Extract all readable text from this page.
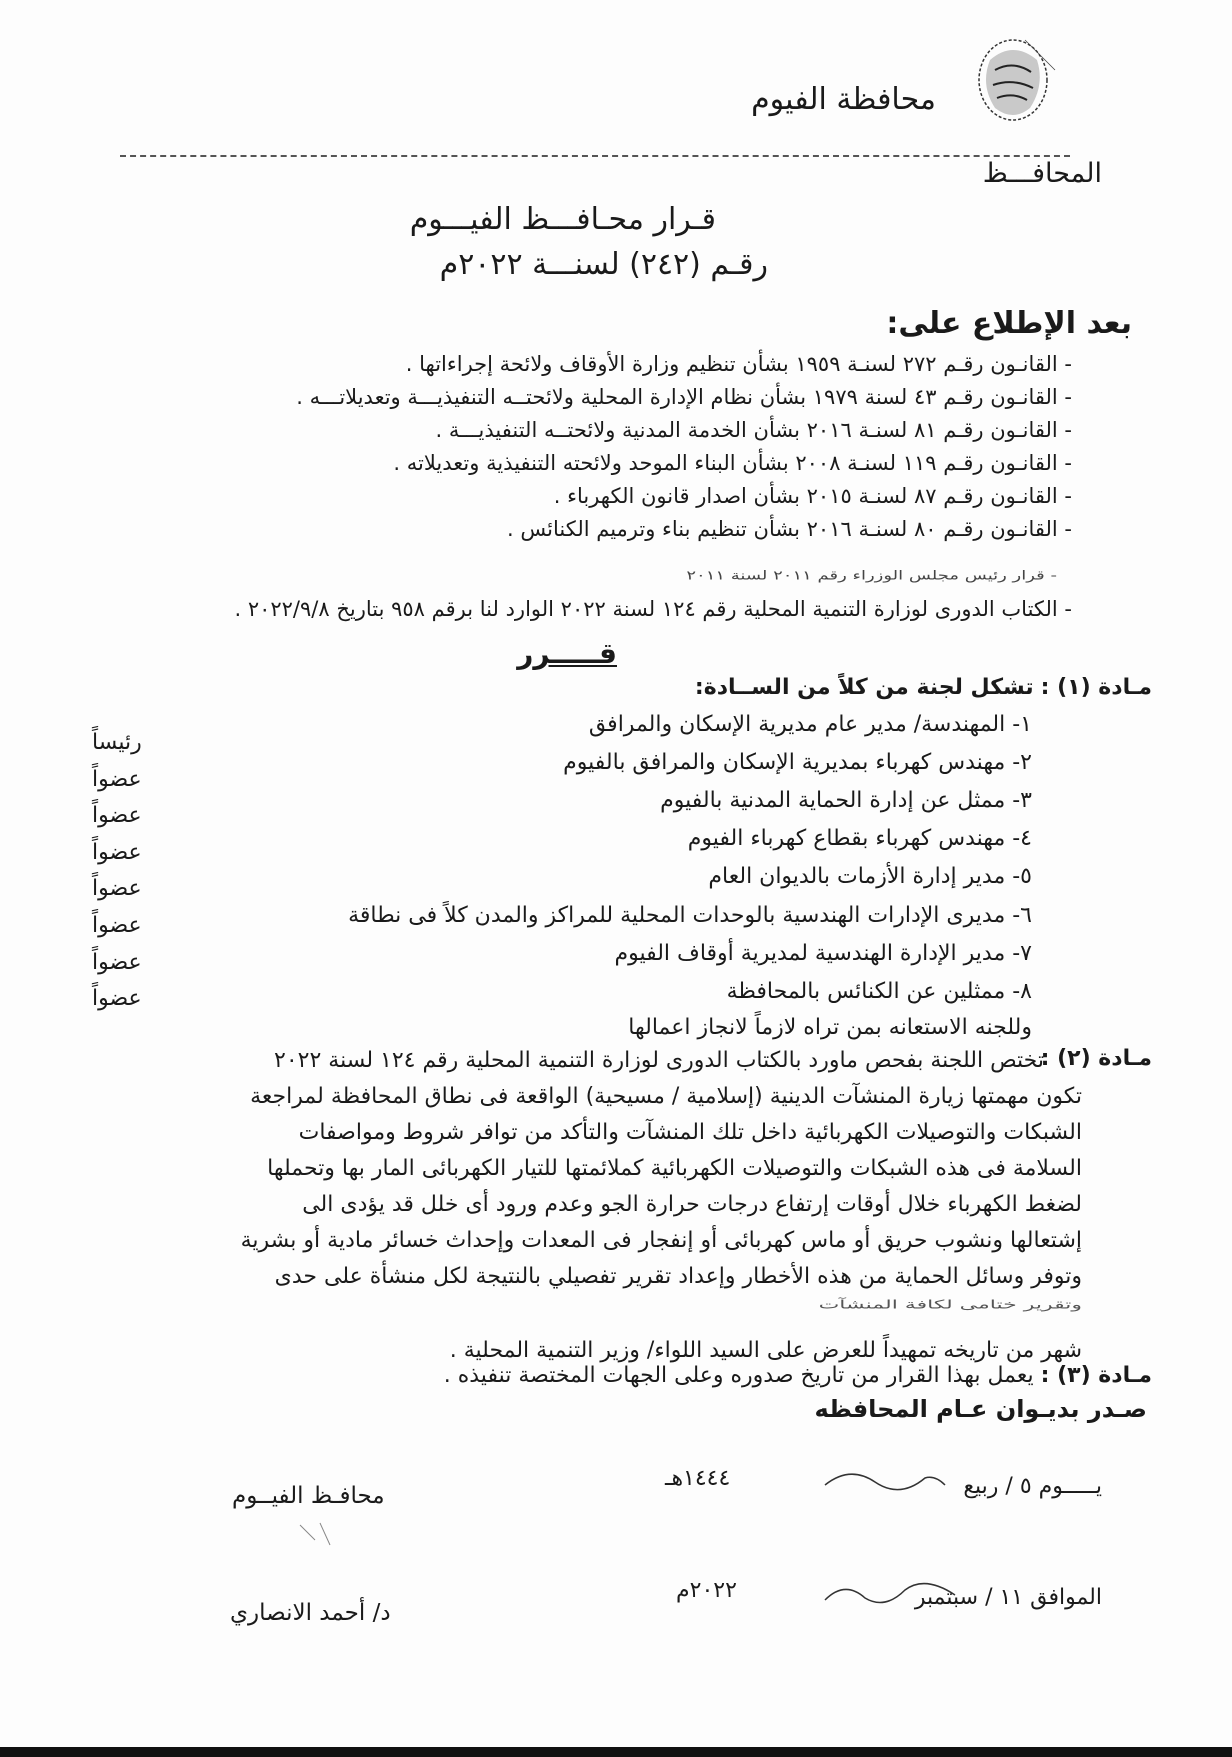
محافظة الفيوم
المحافـــظ
قـرار محـافـــظ الفيـــوم
رقـم (٢٤٢) لسنـــة ٢٠٢٢م
بعد الإطلاع على:
- القانـون رقـم ٢٧٢ لسنـة ١٩٥٩ بشأن تنظيم وزارة الأوقاف ولائحة إجراءاتها .
- القانـون رقـم ٤٣ لسنة ١٩٧٩ بشأن نظام الإدارة المحلية ولائحتــه التنفيذيـــة وتعديلاتـــه .
- القانـون رقـم ٨١ لسنـة ٢٠١٦ بشأن الخدمة المدنية ولائحتــه التنفيذيـــة .
- القانـون رقـم ١١٩ لسنـة ٢٠٠٨ بشأن البناء الموحد ولائحته التنفيذية وتعديلاته .
- القانـون رقـم ٨٧ لسنـة ٢٠١٥ بشأن اصدار قانون الكهرباء .
- القانـون رقـم ٨٠ لسنـة ٢٠١٦ بشأن تنظيم بناء وترميم الكنائس .
- قرار رئيس مجلس الوزراء رقم ٢٠١١ لسنة ٢٠١١
- الكتاب الدورى لوزارة التنمية المحلية رقم ١٢٤ لسنة ٢٠٢٢ الوارد لنا برقم ٩٥٨ بتاريخ ٢٠٢٢/٩/٨ .
قـــــرر
مـادة (١) : تشكل لجنة من كلاً من الســادة:
١- المهندسة/ مدير عام مديرية الإسكان والمرافق
رئيساً
٢- مهندس كهرباء بمديرية الإسكان والمرافق بالفيوم
عضواً
٣- ممثل عن إدارة الحماية المدنية بالفيوم
عضواً
٤- مهندس كهرباء بقطاع كهرباء الفيوم
عضواً
٥- مدير إدارة الأزمات بالديوان العام
عضواً
٦- مديرى الإدارات الهندسية بالوحدات المحلية للمراكز والمدن كلاً فى نطاقة
عضواً
٧- مدير الإدارة الهندسية لمديرية أوقاف الفيوم
عضواً
٨- ممثلين عن الكنائس بالمحافظة
عضواً
وللجنه الاستعانه بمن تراه لازماً لانجاز اعمالها
مـادة (٢) :
تختص اللجنة بفحص ماورد بالكتاب الدورى لوزارة التنمية المحلية رقم ١٢٤ لسنة ٢٠٢٢
تكون مهمتها زيارة المنشآت الدينية (إسلامية / مسيحية) الواقعة فى نطاق المحافظة لمراجعة
الشبكات والتوصيلات الكهربائية داخل تلك المنشآت والتأكد من توافر شروط ومواصفات
السلامة فى هذه الشبكات والتوصيلات الكهربائية كملائمتها للتيار الكهربائى المار بها وتحملها
لضغط الكهرباء خلال أوقات إرتفاع درجات حرارة الجو وعدم ورود أى خلل قد يؤدى الى
إشتعالها ونشوب حريق أو ماس كهربائى أو إنفجار فى المعدات وإحداث خسائر مادية أو بشرية
وتوفر وسائل الحماية من هذه الأخطار وإعداد تقرير تفصيلي بالنتيجة لكل منشأة على حدى
وتقرير ختامى لكافة المنشآت
شهر من تاريخه تمهيداً للعرض على السيد اللواء/ وزير التنمية المحلية .
مـادة (٣) : يعمل بهذا القرار من تاريخ صدوره وعلى الجهات المختصة تنفيذه .
صـدر بديـوان عـام المحافظه
يـــــوم ٥ / ربيع
١٤٤٤هـ
الموافق ١١ / سبتمبر
٢٠٢٢م
محافـظ الفيــوم
د/ أحمد الانصاري
